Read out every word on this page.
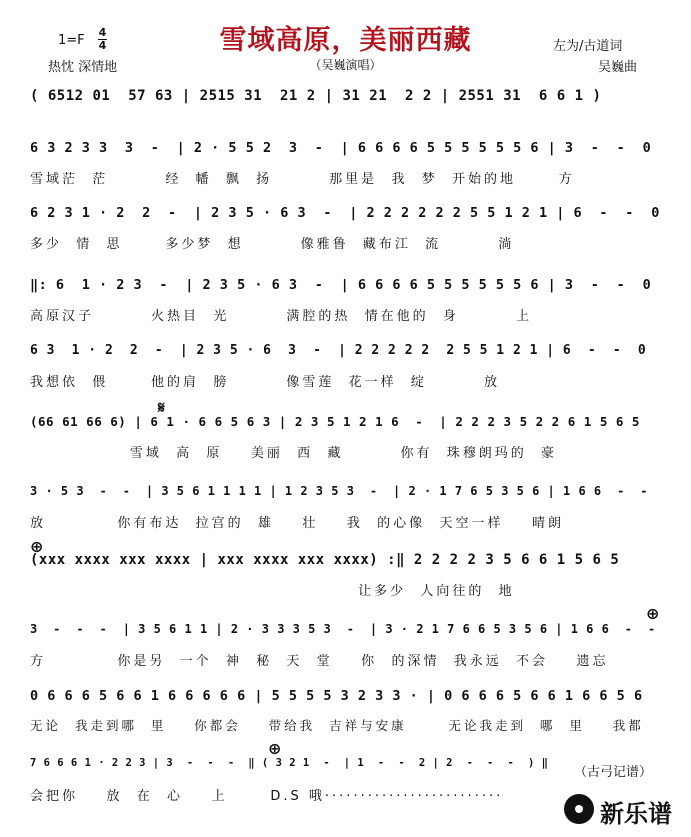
雪域高原，美丽西藏
1=F
4
4
热忱 深情地	（吴巍演唱）
左为/古道词
吴巍曲
( 6512 01  57 63 | 2515 31  21 2 | 31 21  2 2 | 2551 31  6 6 1 )
6 3 2 3 3  3  -  | 2 · 5 5 2  3  -  | 6 6 6 6 5 5 5 5 5 5 6 | 3  -  -  0
雪域茫  茫        经  幡  飘  扬        那里是  我  梦  开始的地      方
6 2 3 1 · 2  2  -  | 2 3 5 · 6 3  -  | 2 2 2 2 2 2 5 5 1 2 1 | 6  -  -  0
多少  情  思      多少梦  想        像雅鲁  藏布江  流        淌
‖: 6  1 · 2 3  -  | 2 3 5 · 6 3  -  | 6 6 6 6 5 5 5 5 5 5 6 | 3  -  -  0
高原汉子        火热目  光        满腔的热  情在他的  身        上
6 3  1 · 2  2  -  | 2 3 5 · 6  3  -  | 2 2 2 2 2  2 5 5 1 2 1 | 6  -  -  0
我想依  偎      他的肩  膀        像雪莲  花一样  绽        放
𝄋
(66 61 66 6) | 6 1 · 6 6 5 6 3 | 2 3 5 1 2 1 6  -  | 2 2 2 3 5 2 2 6 1 5 6 5
雪域  高  原    美丽  西  藏        你有  珠穆朗玛的  豪
3 · 5 3  -  -  | 3 5 6 1 1 1 1 | 1 2 3 5 3  -  | 2 · 1 7 6 5 3 5 6 | 1 6 6  -  -
放          你有布达  拉宫的  雄    壮    我  的心像  天空一样    晴朗
⊕
(xxx xxxx xxx xxxx | xxx xxxx xxx xxxx) :‖ 2 2 2 2 3 5 6 6 1 5 6 5
让多少  人向往的  地
⊕
3  -  -  -  | 3 5 6 1 1 | 2 · 3 3 3 5 3  -  | 3 · 2 1 7 6 6 5 3 5 6 | 1 6 6  -  -
方          你是另  一个  神  秘  天  堂    你  的深情  我永远  不会    遗忘
0 6 6 6 5 6 6 1 6 6 6 6 6 | 5 5 5 5 3 2 3 3 · | 0 6 6 6 5 6 6 1 6 6 5 6
无论  我走到哪  里    你都会    带给我  吉祥与安康      无论我走到  哪  里    我都
⊕
7 6 6 6 1 · 2 2 3 | 3  -  -  -  ‖ ( 3 2 1  -  | 1  -  -  2 | 2  -  -  -  ) ‖
会把你    放  在  心    上      D.S 哦·························
（古弓记谱）
新乐谱
